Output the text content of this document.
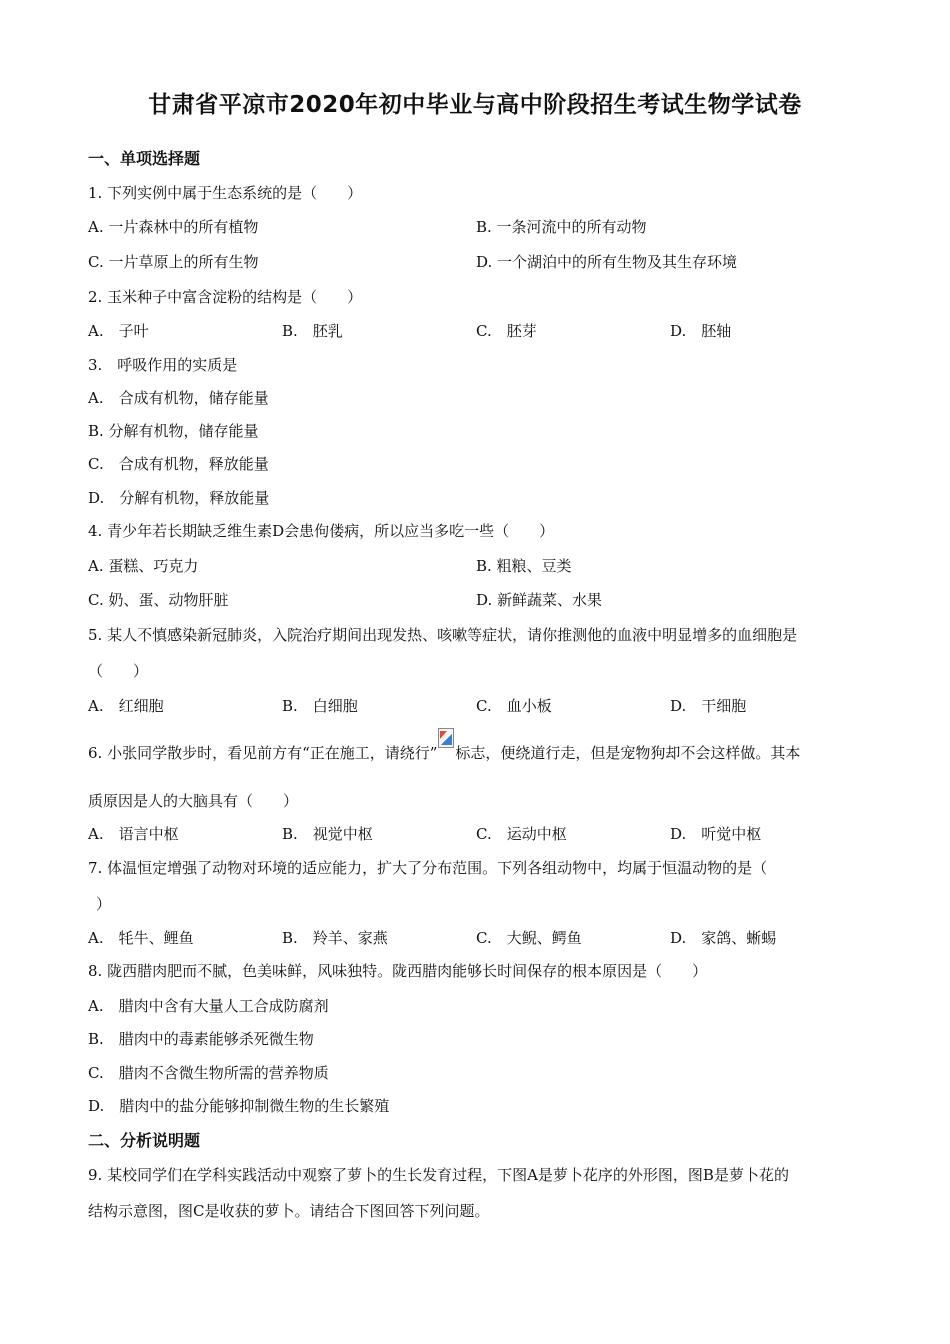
甘肃省平凉市2020年初中毕业与高中阶段招生考试生物学试卷
一、单项选择题
1. 下列实例中属于生态系统的是（　　）
A. 一片森林中的所有植物	B. 一条河流中的所有动物
C. 一片草原上的所有生物	D. 一个湖泊中的所有生物及其生存环境
2. 玉米种子中富含淀粉的结构是（　　）
A.　子叶	B.　胚乳	C.　胚芽	D.　胚轴
3.　呼吸作用的实质是
A.　合成有机物，储存能量
B. 分解有机物，储存能量
C.　合成有机物，释放能量
D.　分解有机物，释放能量
4. 青少年若长期缺乏维生素D会患佝偻病，所以应当多吃一些（　　）
A. 蛋糕、巧克力	B. 粗粮、豆类
C. 奶、蛋、动物肝脏	D. 新鲜蔬菜、水果
5. 某人不慎感染新冠肺炎，入院治疗期间出现发热、咳嗽等症状，请你推测他的血液中明显增多的血细胞是
（　　）
A.　红细胞	B.　白细胞	C.　血小板	D.　干细胞
6. 小张同学散步时，看见前方有“正在施工，请绕行” 标志，便绕道行走，但是宠物狗却不会这样做。其本
质原因是人的大脑具有（　　）
A.　语言中枢	B.　视觉中枢	C.　运动中枢	D.　听觉中枢
7. 体温恒定增强了动物对环境的适应能力，扩大了分布范围。下列各组动物中，均属于恒温动物的是（
）
A.　牦牛、鲤鱼	B.　羚羊、家燕	C.　大鲵、鳄鱼	D.　家鸽、蜥蜴
8. 陇西腊肉肥而不腻，色美味鲜，风味独特。陇西腊肉能够长时间保存的根本原因是（　　）
A.　腊肉中含有大量人工合成防腐剂
B.　腊肉中的毒素能够杀死微生物
C.　腊肉不含微生物所需的营养物质
D.　腊肉中的盐分能够抑制微生物的生长繁殖
二、分析说明题
9. 某校同学们在学科实践活动中观察了萝卜的生长发育过程，下图A是萝卜花序的外形图，图B是萝卜花的
结构示意图，图C是收获的萝卜。请结合下图回答下列问题。
